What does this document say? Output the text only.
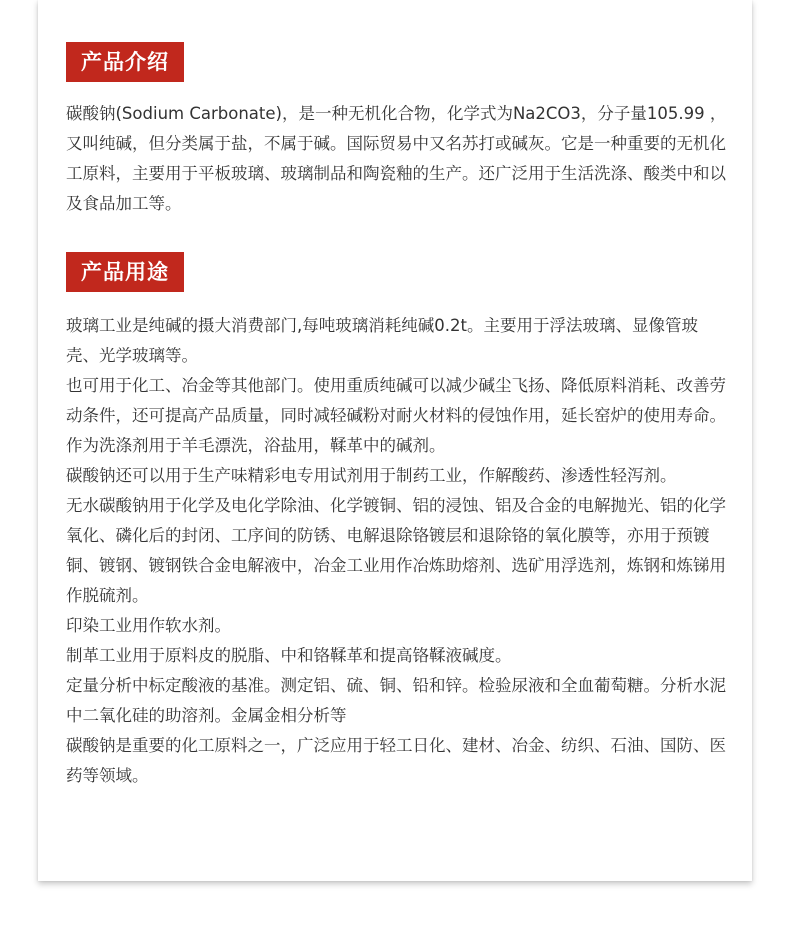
产品介绍

碳酸钠(Sodium Carbonate)，是一种无机化合物，化学式为Na2CO3，分子量105.99 ，又叫纯碱，但分类属于盐，不属于碱。国际贸易中又名苏打或碱灰。它是一种重要的无机化工原料，主要用于平板玻璃、玻璃制品和陶瓷釉的生产。还广泛用于生活洗涤、酸类中和以及食品加工等。

产品用途

玻璃工业是纯碱的摄大消费部门,每吨玻璃消耗纯碱0.2t。主要用于浮法玻璃、显像管玻壳、光学玻璃等。

也可用于化工、冶金等其他部门。使用重质纯碱可以减少碱尘飞扬、降低原料消耗、改善劳动条件，还可提高产品质量，同时减轻碱粉对耐火材料的侵蚀作用，延长窑炉的使用寿命。

作为洗涤剂用于羊毛漂洗，浴盐用，鞣革中的碱剂。

碳酸钠还可以用于生产味精彩电专用试剂用于制药工业，作解酸药、渗透性轻泻剂。

无水碳酸钠用于化学及电化学除油、化学镀铜、铝的浸蚀、铝及合金的电解抛光、铝的化学氧化、磷化后的封闭、工序间的防锈、电解退除铬镀层和退除铬的氧化膜等，亦用于预镀铜、镀钢、镀钢铁合金电解液中，冶金工业用作冶炼助熔剂、选矿用浮选剂，炼钢和炼锑用作脱硫剂。

印染工业用作软水剂。

制革工业用于原料皮的脱脂、中和铬鞣革和提高铬鞣液碱度。

定量分析中标定酸液的基准。测定铝、硫、铜、铅和锌。检验尿液和全血葡萄糖。分析水泥中二氧化硅的助溶剂。金属金相分析等

碳酸钠是重要的化工原料之一，广泛应用于轻工日化、建材、冶金、纺织、石油、国防、医药等领域。
